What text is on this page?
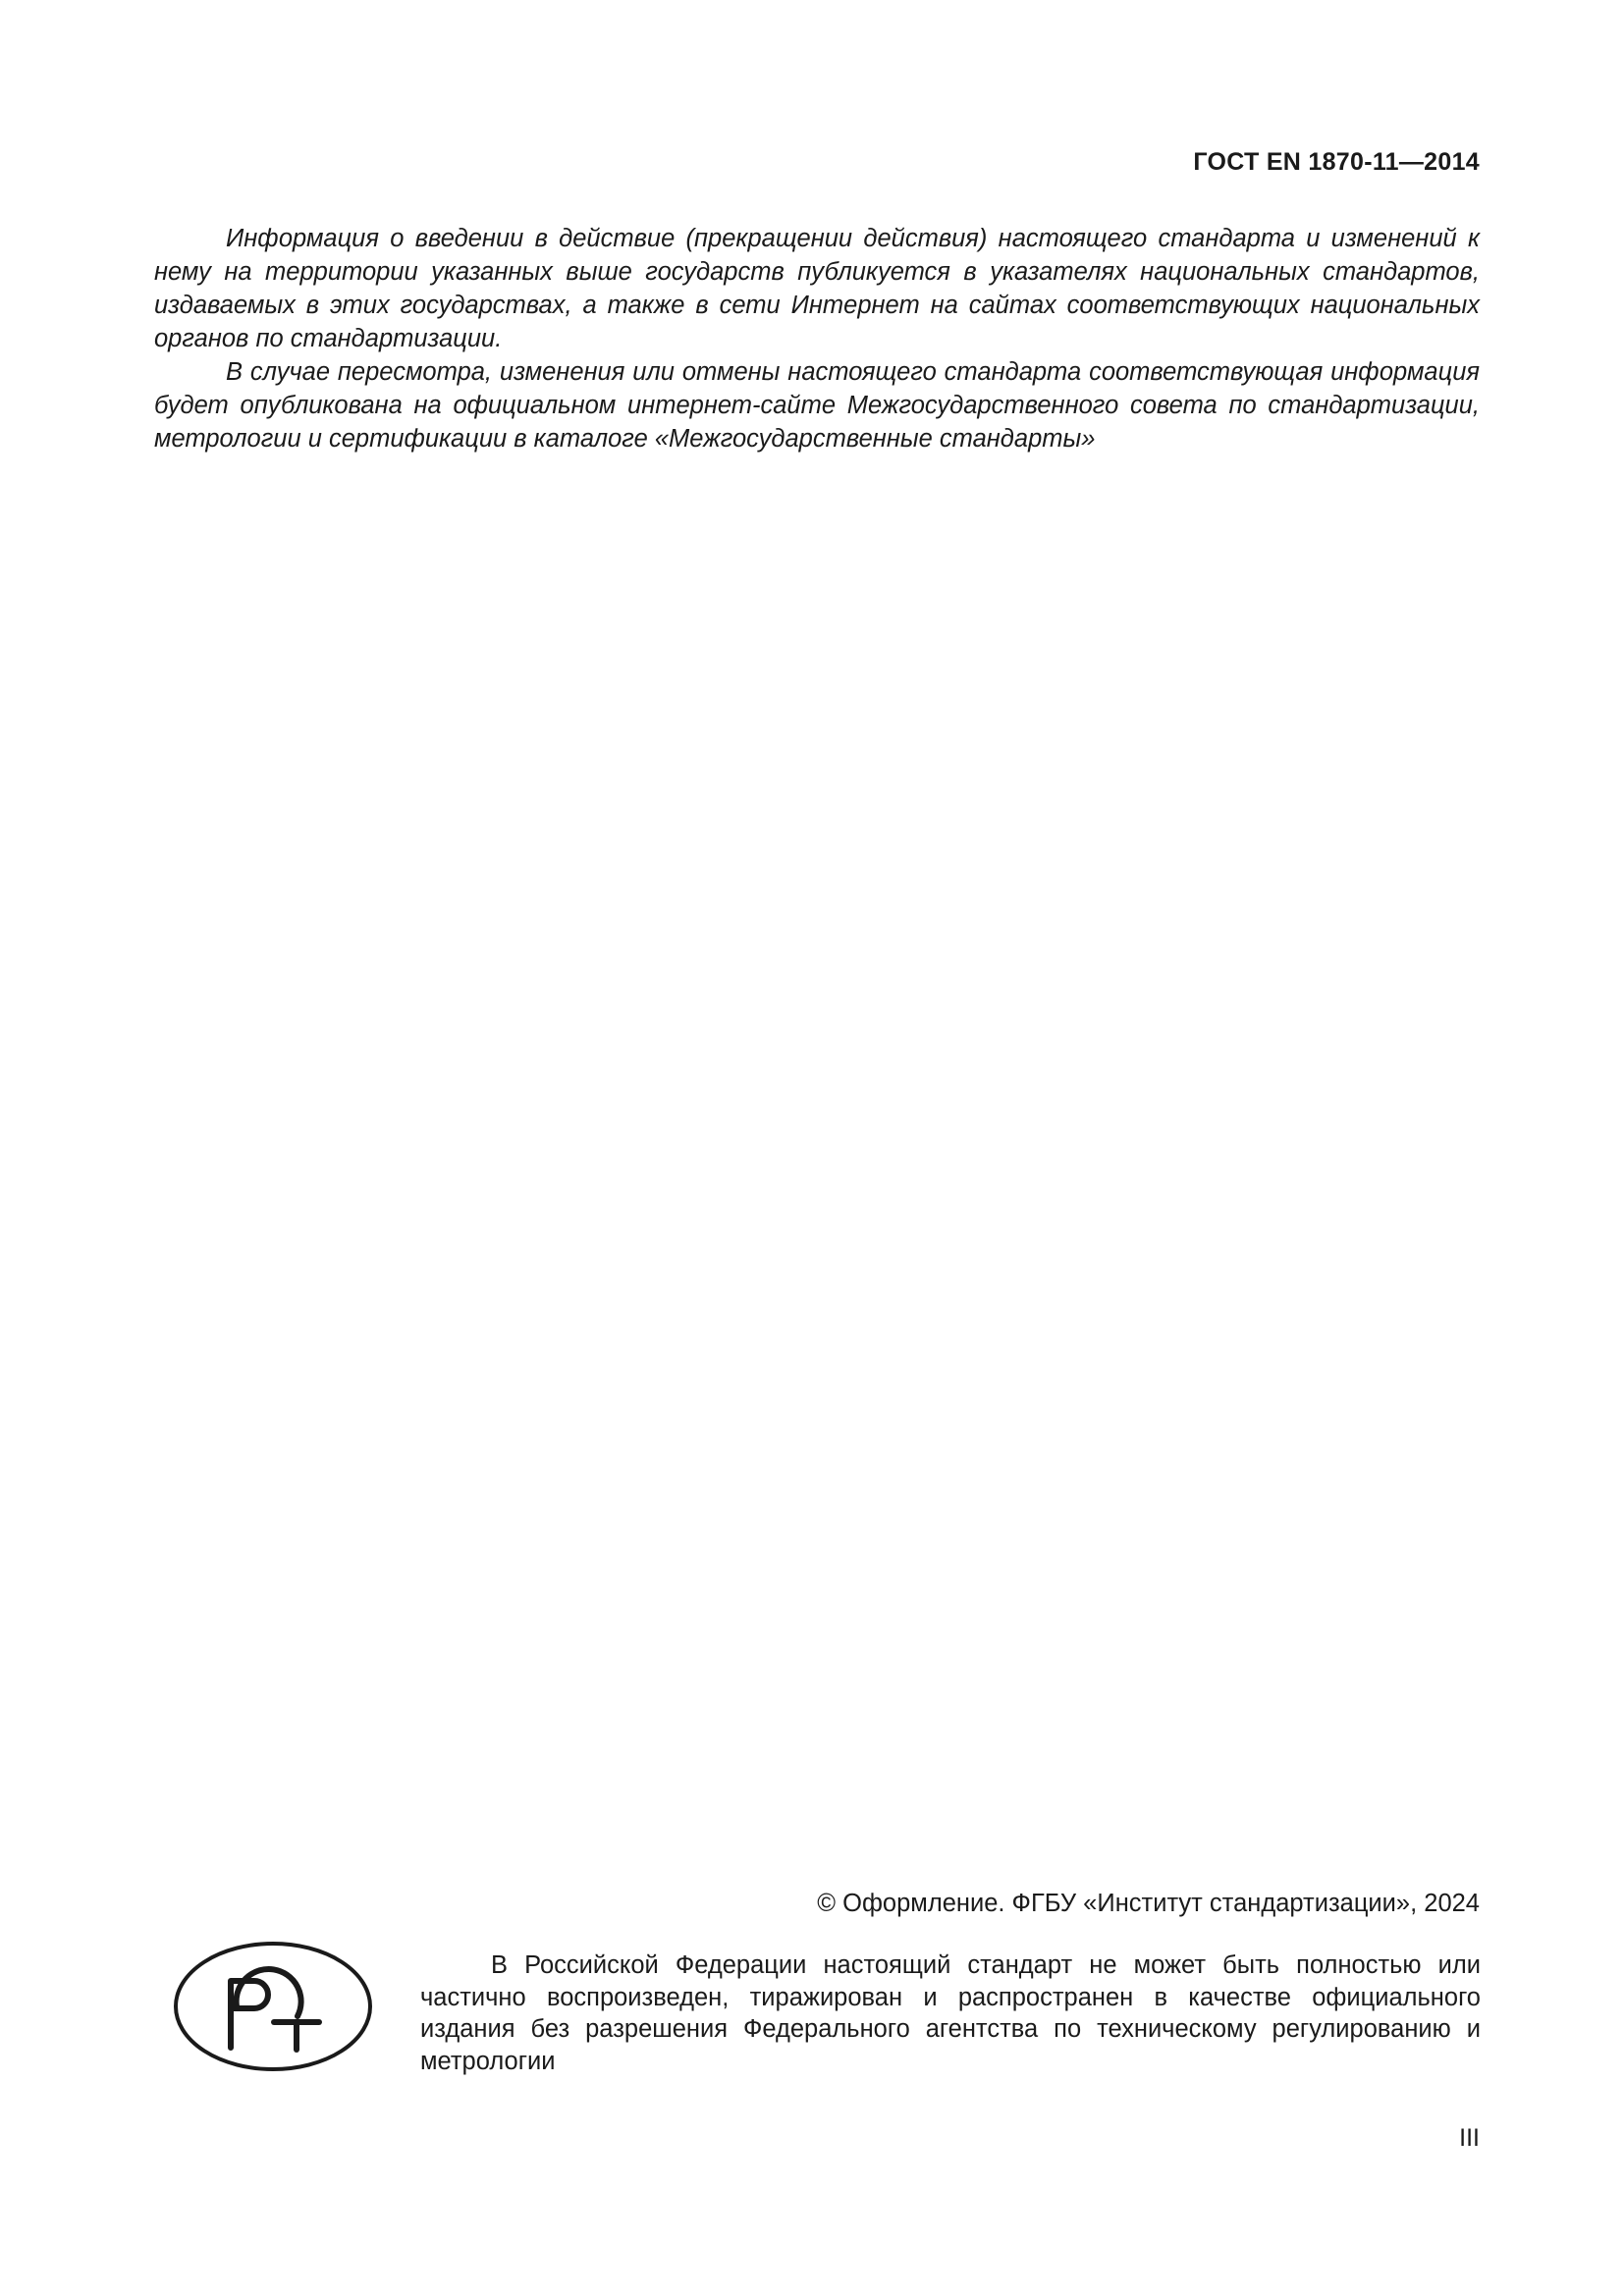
ГОСТ EN 1870-11—2014

Информация о введении в действие (прекращении действия) настоящего стандарта и изменений к нему на территории указанных выше государств публикуется в указателях национальных стандартов, издаваемых в этих государствах, а также в сети Интернет на сайтах соответствующих национальных органов по стандартизации.

В случае пересмотра, изменения или отмены настоящего стандарта соответствующая информация будет опубликована на официальном интернет-сайте Межгосударственного совета по стандартизации, метрологии и сертификации в каталоге «Межгосударственные стандарты»

© Оформление. ФГБУ «Институт стандартизации», 2024

В Российской Федерации настоящий стандарт не может быть полностью или частично воспроизведен, тиражирован и распространен в качестве официального издания без разрешения Федерального агентства по техническому регулированию и метрологии

III
